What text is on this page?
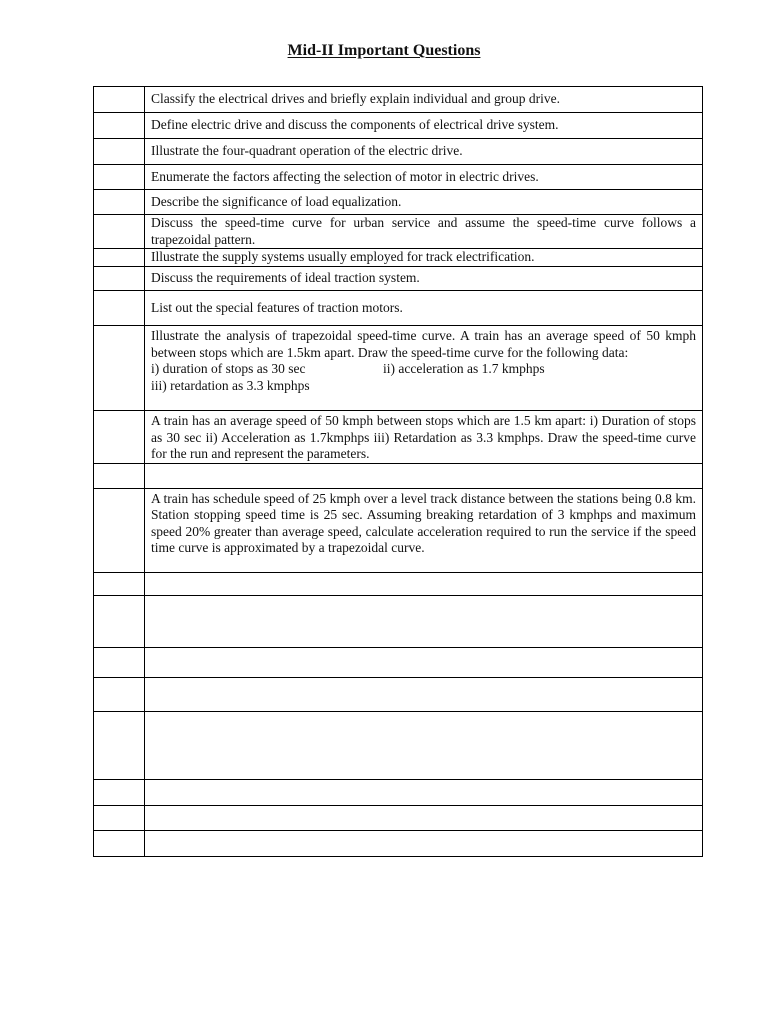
Mid-II Important Questions
	Classify the electrical drives and briefly explain individual and group drive.
	Define electric drive and discuss the components of electrical drive system.
	Illustrate the four-quadrant operation of the electric drive.
	Enumerate the factors affecting the selection of motor in electric drives.
	Describe the significance of load equalization.
	Discuss the speed-time curve for urban service and assume the speed-time curve follows a trapezoidal pattern.
	Illustrate the supply systems usually employed for track electrification.
	Discuss the requirements of ideal traction system.
	List out the special features of traction motors.

	Illustrate the analysis of trapezoidal speed-time curve. A train has an average speed of 50 kmph between stops which are 1.5km apart. Draw the speed-time curve for the following data:
i) duration of stops as 30 sec ii) acceleration as 1.7 kmphps
iii) retardation as 3.3 kmphps

	A train has an average speed of 50 kmph between stops which are 1.5 km apart: i) Duration of stops as 30 sec ii) Acceleration as 1.7kmphps iii) Retardation as 3.3 kmphps. Draw the speed-time curve for the run and represent the parameters.

	A train has schedule speed of 25 kmph over a level track distance between the stations being 0.8 km. Station stopping speed time is 25 sec. Assuming breaking retardation of 3 kmphps and maximum speed 20% greater than average speed, calculate acceleration required to run the service if the speed time curve is approximated by a trapezoidal curve.
